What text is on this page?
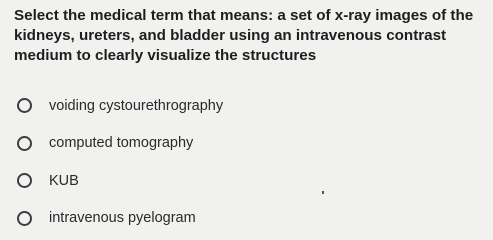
Select the medical term that means: a set of x-ray images of the kidneys, ureters, and bladder using an intravenous contrast medium to clearly visualize the structures

voiding cystourethrography
computed tomography
KUB
intravenous pyelogram
